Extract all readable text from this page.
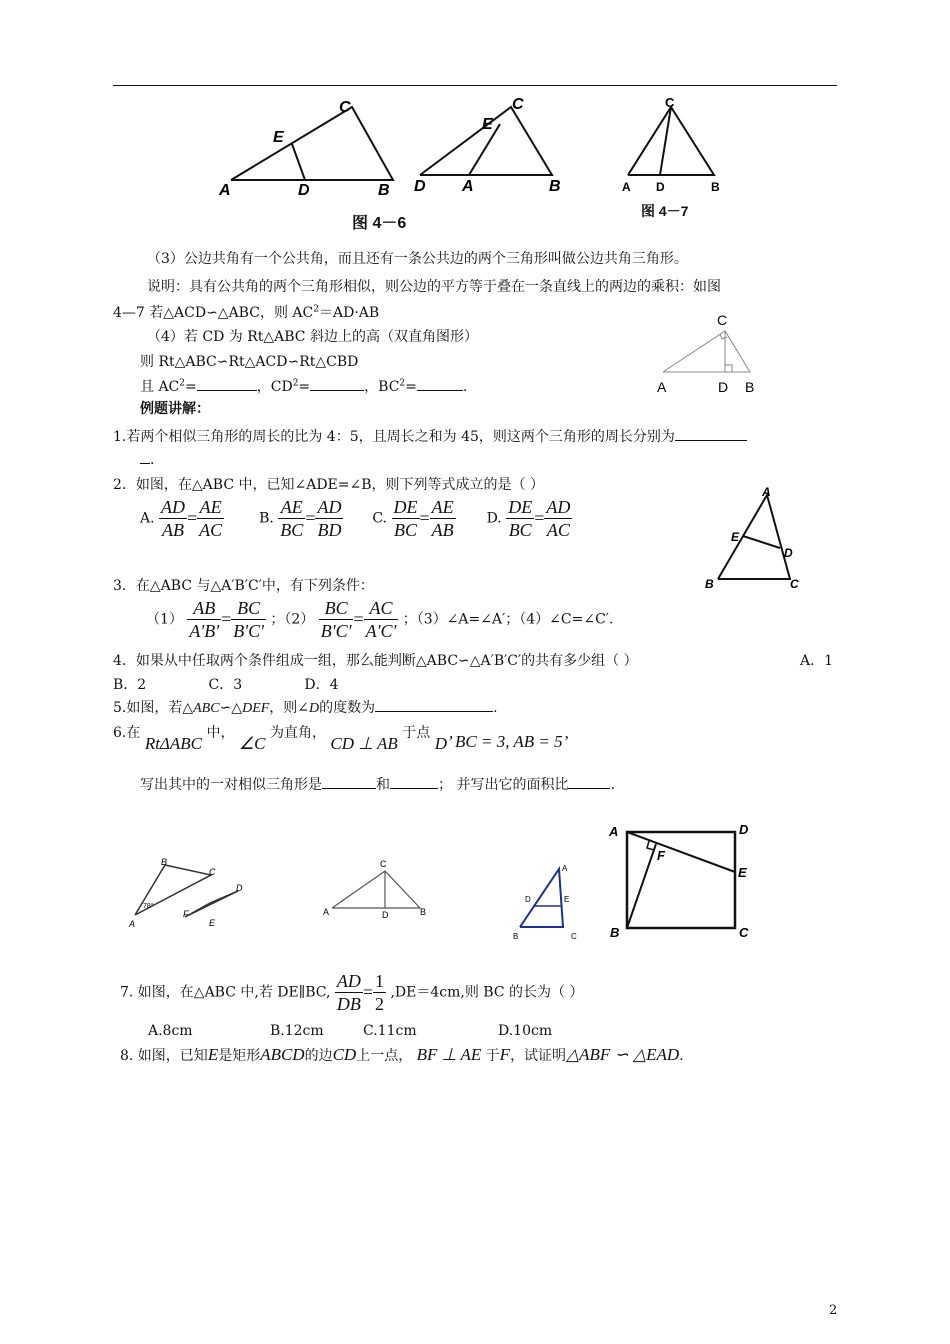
A	B
C
D
E
D A	B
C
E
C
A D	B
图 4－6
图 4－7
（3）公边共角有一个公共角，而且还有一条公共边的两个三角形叫做公边共角三角形。
说明：具有公共角的两个三角形相似，则公边的平方等于叠在一条直线上的两边的乘积：如图
4—7 若△ACD∽△ABC，则 $AC^2=AD\cdot AB$
（4）若 CD 为 Rt△ABC 斜边上的高（双直角图形）
则 Rt△ABC∽Rt△ACD∽Rt△CBD
且 $AC^2=$	，$CD^2=$	，$BC^2=$	.
C
A	D B
例题讲解：
1.若两个相似三角形的周长的比为 4：5，且周长之和为 45，则这两个三角形的周长分别为
.
2．如图，在△ABC 中，已知∠ADE=∠B，则下列等式成立的是（ ）
A. $\frac{AD}{AB} = \frac{AE}{AC} B$. $\frac{AE}{BC} = \frac{AD}{BD} C$. $\frac{DE}{BC} = \frac{AE}{AB} D$. $\frac{DE}{BC} = \frac{AD}{AC}$
A
E
D
B	C
3．在△ABC 与△A′B′C′中，有下列条件：
$(1) \frac{AB}{A'B'} = \frac{BC}{B'C'}$ ；$(2) \frac{BC}{B'C'} = \frac{AC}{A'C'}$ ；（3）∠A=∠A′；（4）∠C=∠C′.
4．如果从中任取两个条件组成一组，那么能判断△ABC∽△A′B′C′的共有多少组（ ）	A．1
B．2              C．3              D．4
5.如图，若△ABC∽△DEF，则∠D的度数为	.
6.在 RtΔABC 中， ∠C 为直角， CD ⊥ AB 于点 D’ BC = 3, AB = 5’
写出其中的一对相似三角形是	和	； 并写出它的面积比	.
B
C
A
78°
D
F
E
C
A	D	B
A
D	E
B	C
A	D
E
F
B	C
7. 如图，在△ABC 中,若 DE∥BC, $\frac{AD}{DB} = \frac{1}{2} ,DE=4cm$,则 BC 的长为（ ）
A.8cm	B.12cm	C.11cm	D.10cm
8. 如图，已知E是矩形ABCD的边CD上一点， BF ⊥ AE 于F，试证明△ABF ∽ △EAD.
2
